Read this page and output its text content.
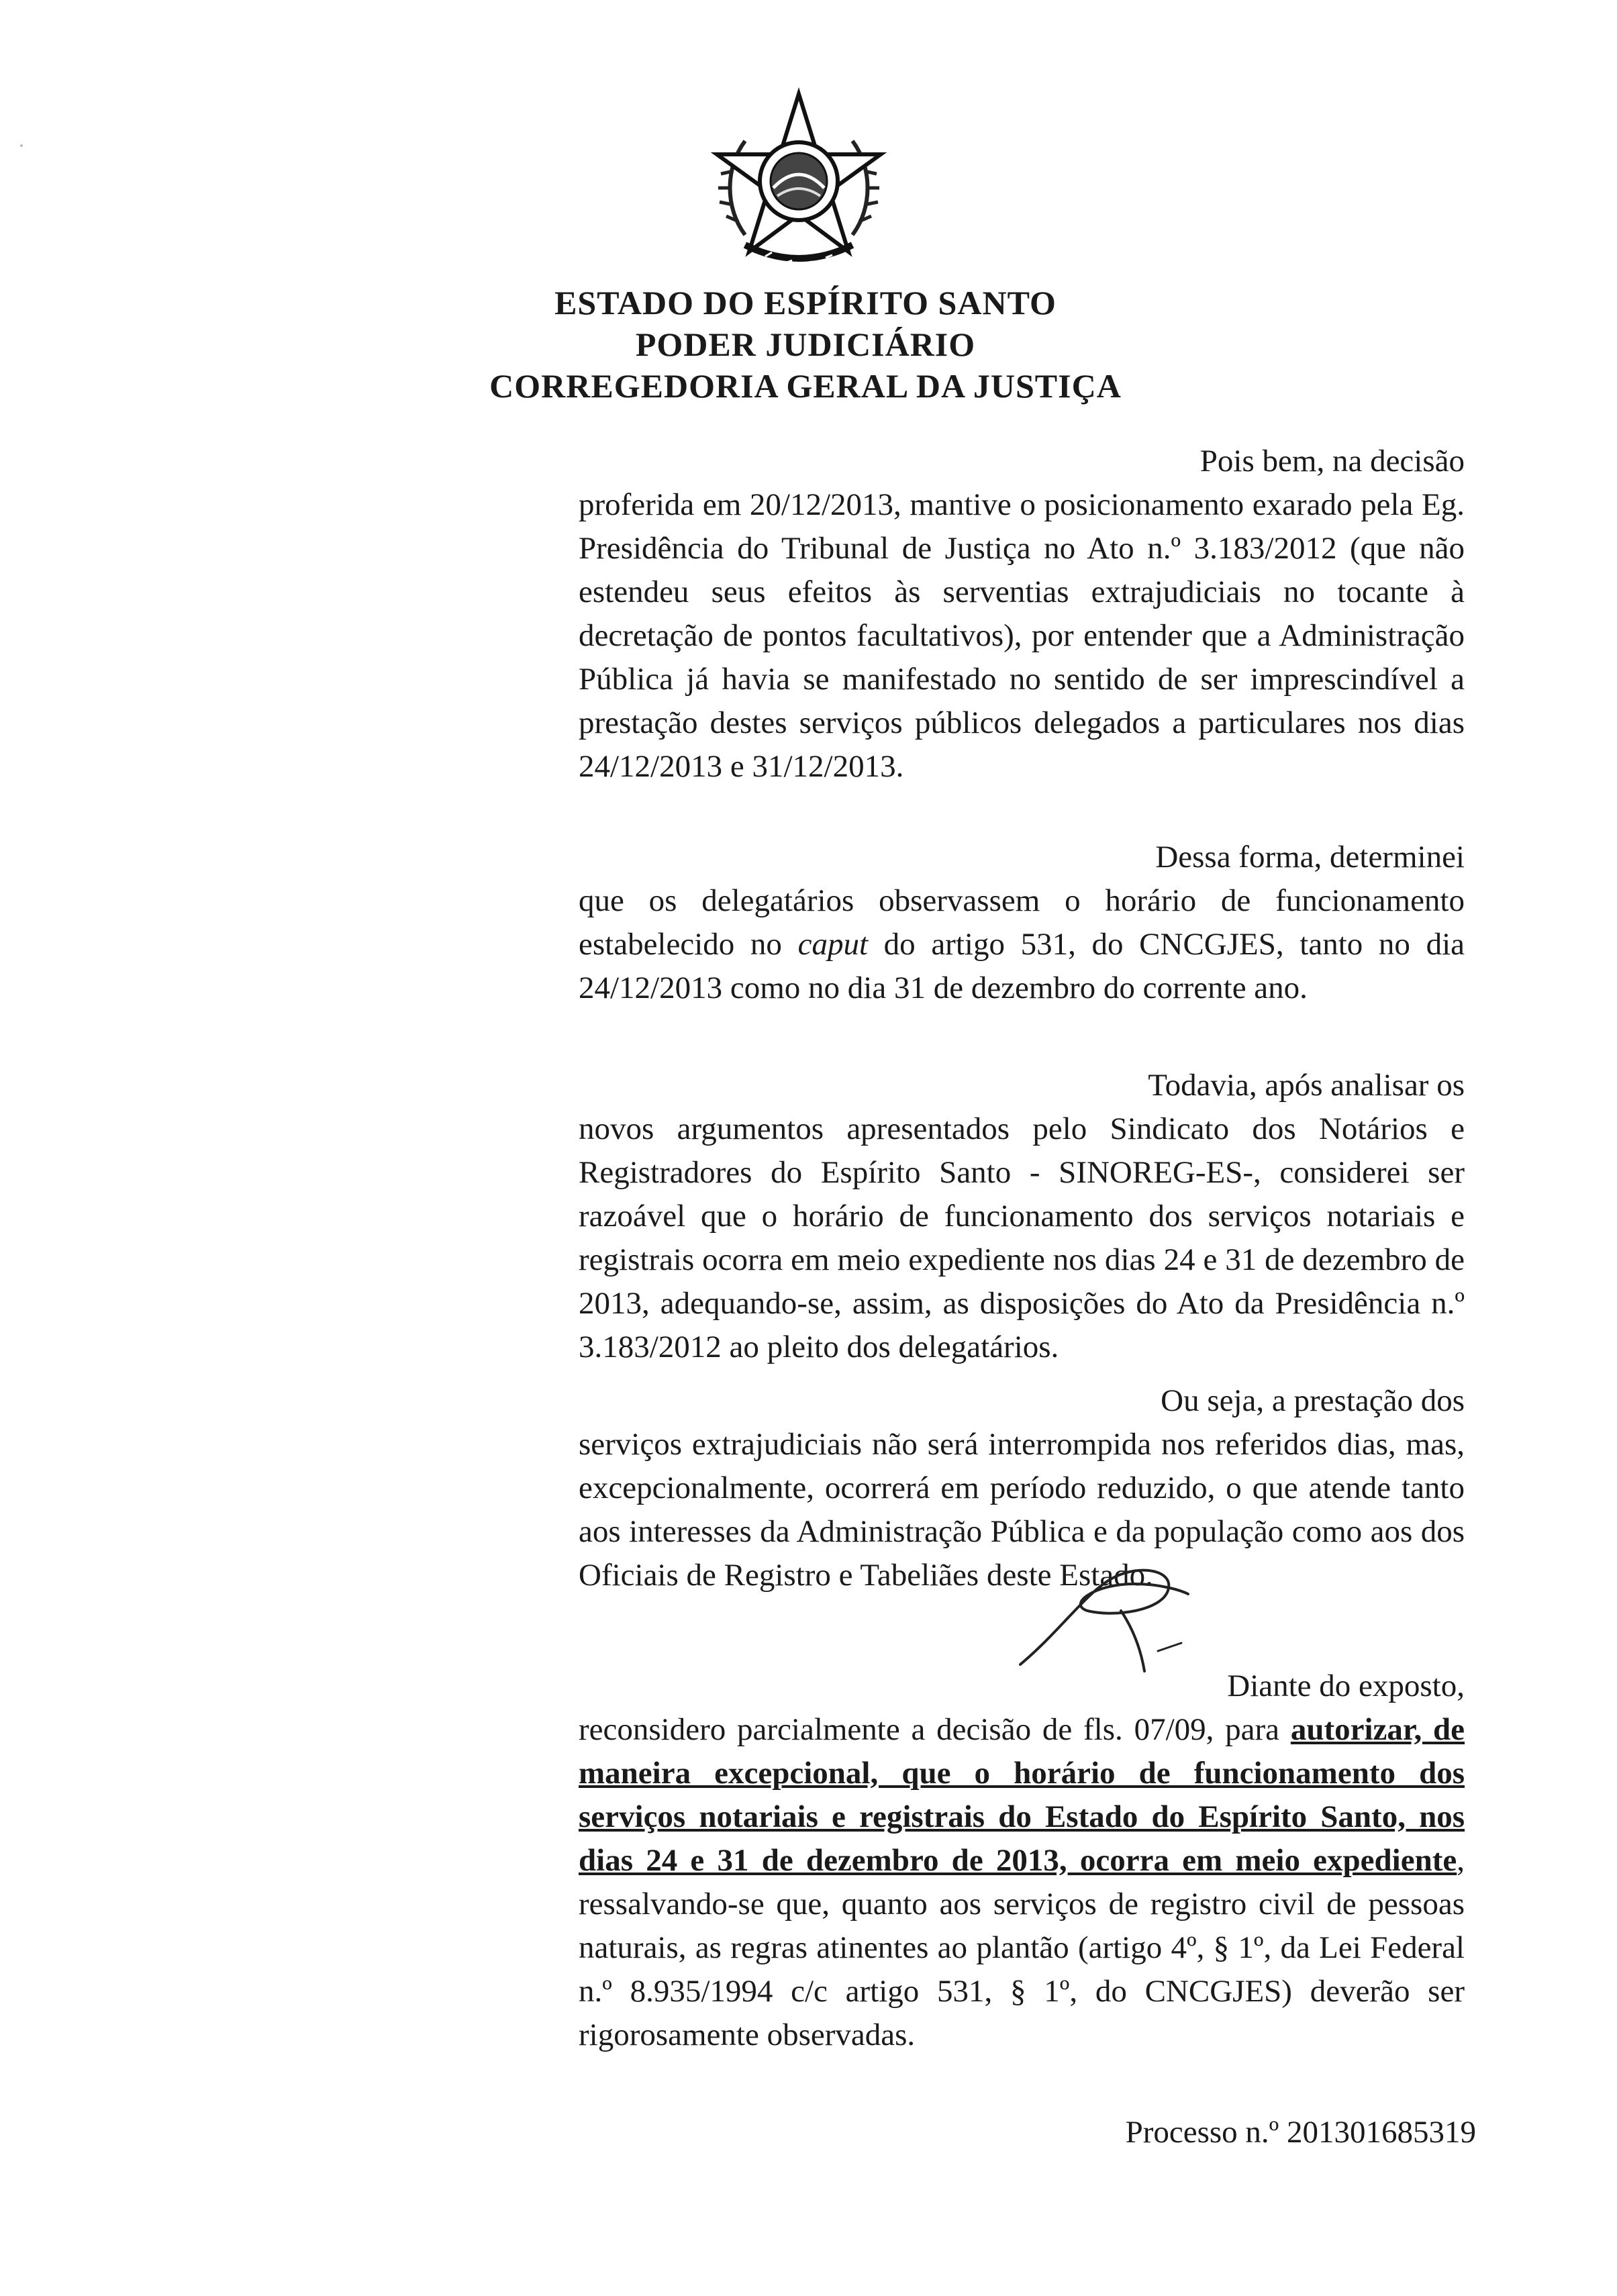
ESTADO DO ESPÍRITO SANTO
PODER JUDICIÁRIO
CORREGEDORIA GERAL DA JUSTIÇA
Pois bem, na decisão
proferida em 20/12/2013, mantive o posicionamento exarado pela Eg. Presidência do Tribunal de Justiça no Ato n.º 3.183/2012 (que não estendeu seus efeitos às serventias extrajudiciais no tocante à decretação de pontos facultativos), por entender que a Administração Pública já havia se manifestado no sentido de ser imprescindível a prestação destes serviços públicos delegados a particulares nos dias 24/12/2013 e 31/12/2013.
Dessa forma, determinei
que os delegatários observassem o horário de funcionamento estabelecido no caput do artigo 531, do CNCGJES, tanto no dia 24/12/2013 como no dia 31 de dezembro do corrente ano.
Todavia, após analisar os
novos argumentos apresentados pelo Sindicato dos Notários e Registradores do Espírito Santo - SINOREG-ES-, considerei ser razoável que o horário de funcionamento dos serviços notariais e registrais ocorra em meio expediente nos dias 24 e 31 de dezembro de 2013, adequando-se, assim, as disposições do Ato da Presidência n.º 3.183/2012 ao pleito dos delegatários.
Ou seja, a prestação dos
serviços extrajudiciais não será interrompida nos referidos dias, mas, excepcionalmente, ocorrerá em período reduzido, o que atende tanto aos interesses da Administração Pública e da população como aos dos Oficiais de Registro e Tabeliães deste Estado.
Diante do exposto,
reconsidero parcialmente a decisão de fls. 07/09, para autorizar, de maneira excepcional, que o horário de funcionamento dos serviços notariais e registrais do Estado do Espírito Santo, nos dias 24 e 31 de dezembro de 2013, ocorra em meio expediente, ressalvando-se que, quanto aos serviços de registro civil de pessoas naturais, as regras atinentes ao plantão (artigo 4º, § 1º, da Lei Federal n.º 8.935/1994 c/c artigo 531, § 1º, do CNCGJES) deverão ser rigorosamente observadas.
Processo n.º 201301685319
